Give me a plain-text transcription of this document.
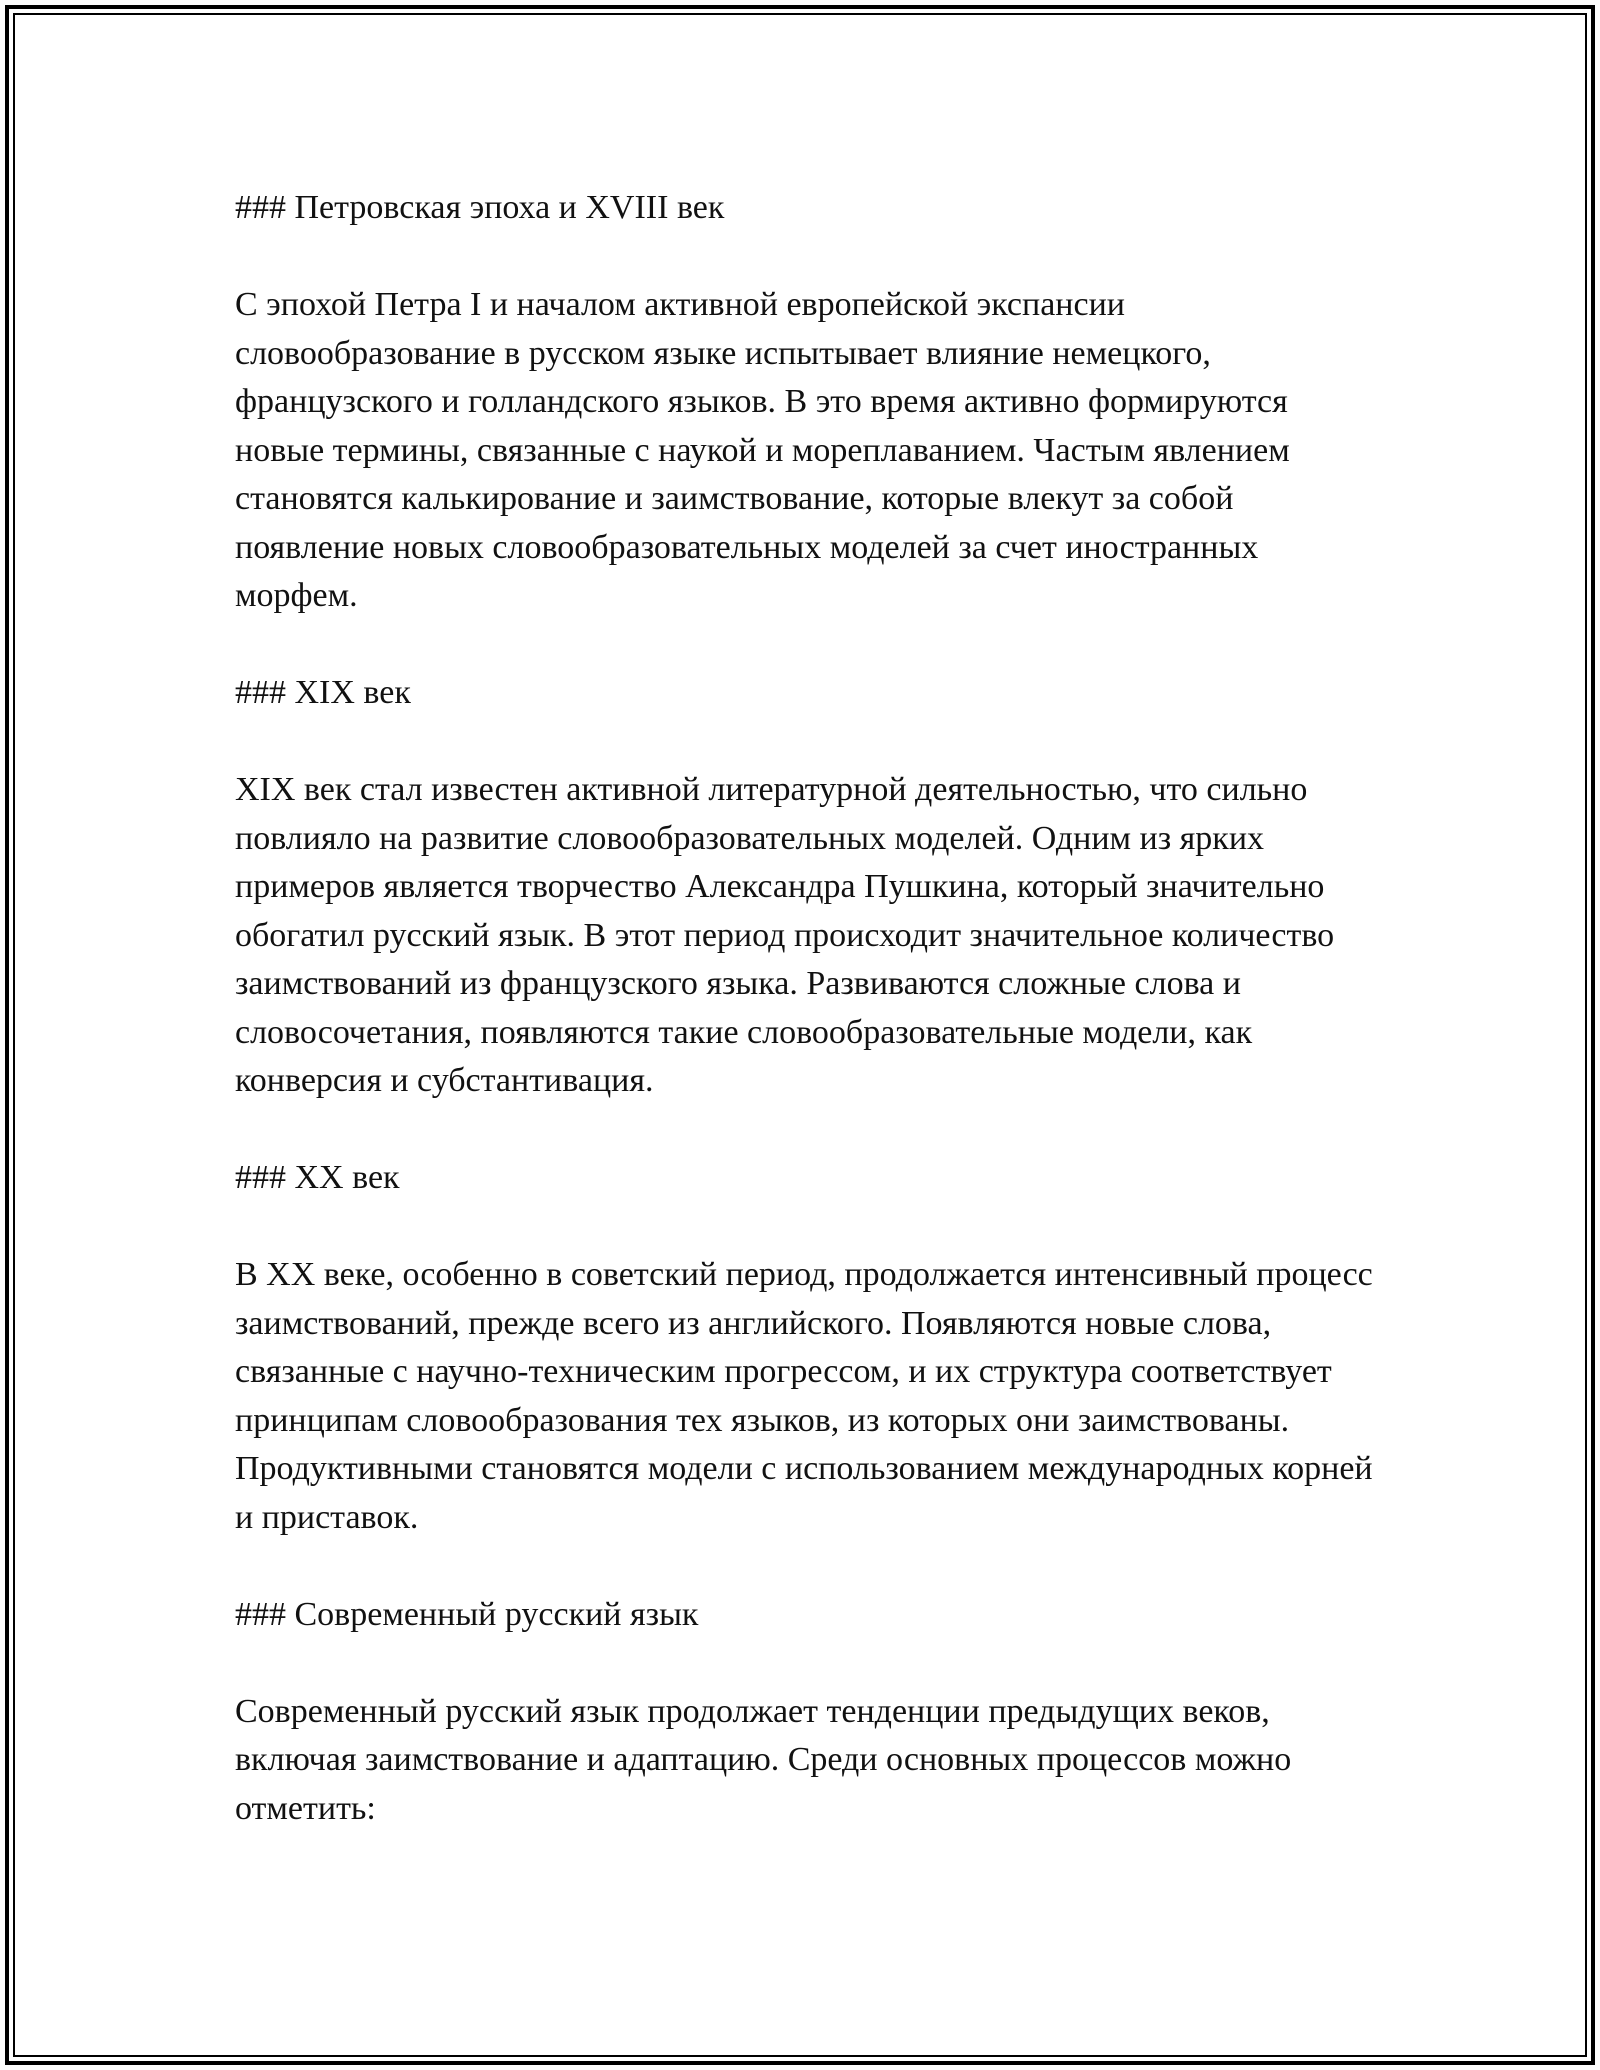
### Петровская эпоха и XVIII век

С эпохой Петра I и началом активной европейской экспансии словообразование в русском языке испытывает влияние немецкого, французского и голландского языков. В это время активно формируются новые термины, связанные с наукой и мореплаванием. Частым явлением становятся калькирование и заимствование, которые влекут за собой появление новых словообразовательных моделей за счет иностранных морфем.

### XIX век

XIX век стал известен активной литературной деятельностью, что сильно повлияло на развитие словообразовательных моделей. Одним из ярких примеров является творчество Александра Пушкина, который значительно обогатил русский язык. В этот период происходит значительное количество заимствований из французского языка. Развиваются сложные слова и словосочетания, появляются такие словообразовательные модели, как конверсия и субстантивация.

### XX век

В XX веке, особенно в советский период, продолжается интенсивный процесс заимствований, прежде всего из английского. Появляются новые слова, связанные с научно-техническим прогрессом, и их структура соответствует принципам словообразования тех языков, из которых они заимствованы. Продуктивными становятся модели с использованием международных корней и приставок.

### Современный русский язык

Современный русский язык продолжает тенденции предыдущих веков, включая заимствование и адаптацию. Среди основных процессов можно отметить:
